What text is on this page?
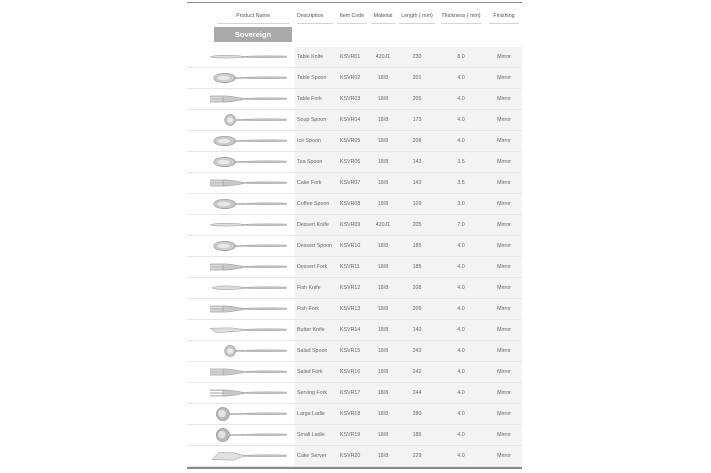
Product Name	Description	Item Code	Material	Length ( mm)	Thickness ( mm)	Finishing
Sovereign
Table Knife	KSVR01	420J1	230	8.0	Mirror
Table Spoon	KSVR02	18/8	201	4.0	Mirror
Table Fork	KSVR03	18/8	205	4.0	Mirror
Soup Spoon	KSVR04	18/8	173	4.0	Mirror
Ice Spoon	KSVR05	18/8	208	4.0	Mirror
Tea Spoon	KSVR06	18/8	143	3.5	Mirror
Cake Fork	KSVR07	18/8	143	3.5	Mirror
Coffee Spoon KSVR08	18/8	109	3.0	Mirror
Dessert Knife KSVR09	420J1	205	7.0	Mirror
Dessert Spoon KSVR10	18/8	185	4.0	Mirror
Dessert Fork KSVR11	18/8	185	4.0	Mirror
Fish Knife	KSVR12	18/8	208	4.0	Mirror
Fish Fork	KSVR13	18/8	205	4.0	Mirror
Butter Knife	KSVR14	18/8	140	4.0	Mirror
Salad Spoon KSVR15	18/8	243	4.0	Mirror
Salad Fork	KSVR16	18/8	242	4.0	Mirror
Serving Fork KSVR17	18/8	244	4.0	Mirror
Large Ladle	KSVR18	18/8	280	4.0	Mirror
Small Ladle	KSVR19	18/8	186	4.0	Mirror
Cake Server	KSVR20	18/8	229	4.0	Mirror
